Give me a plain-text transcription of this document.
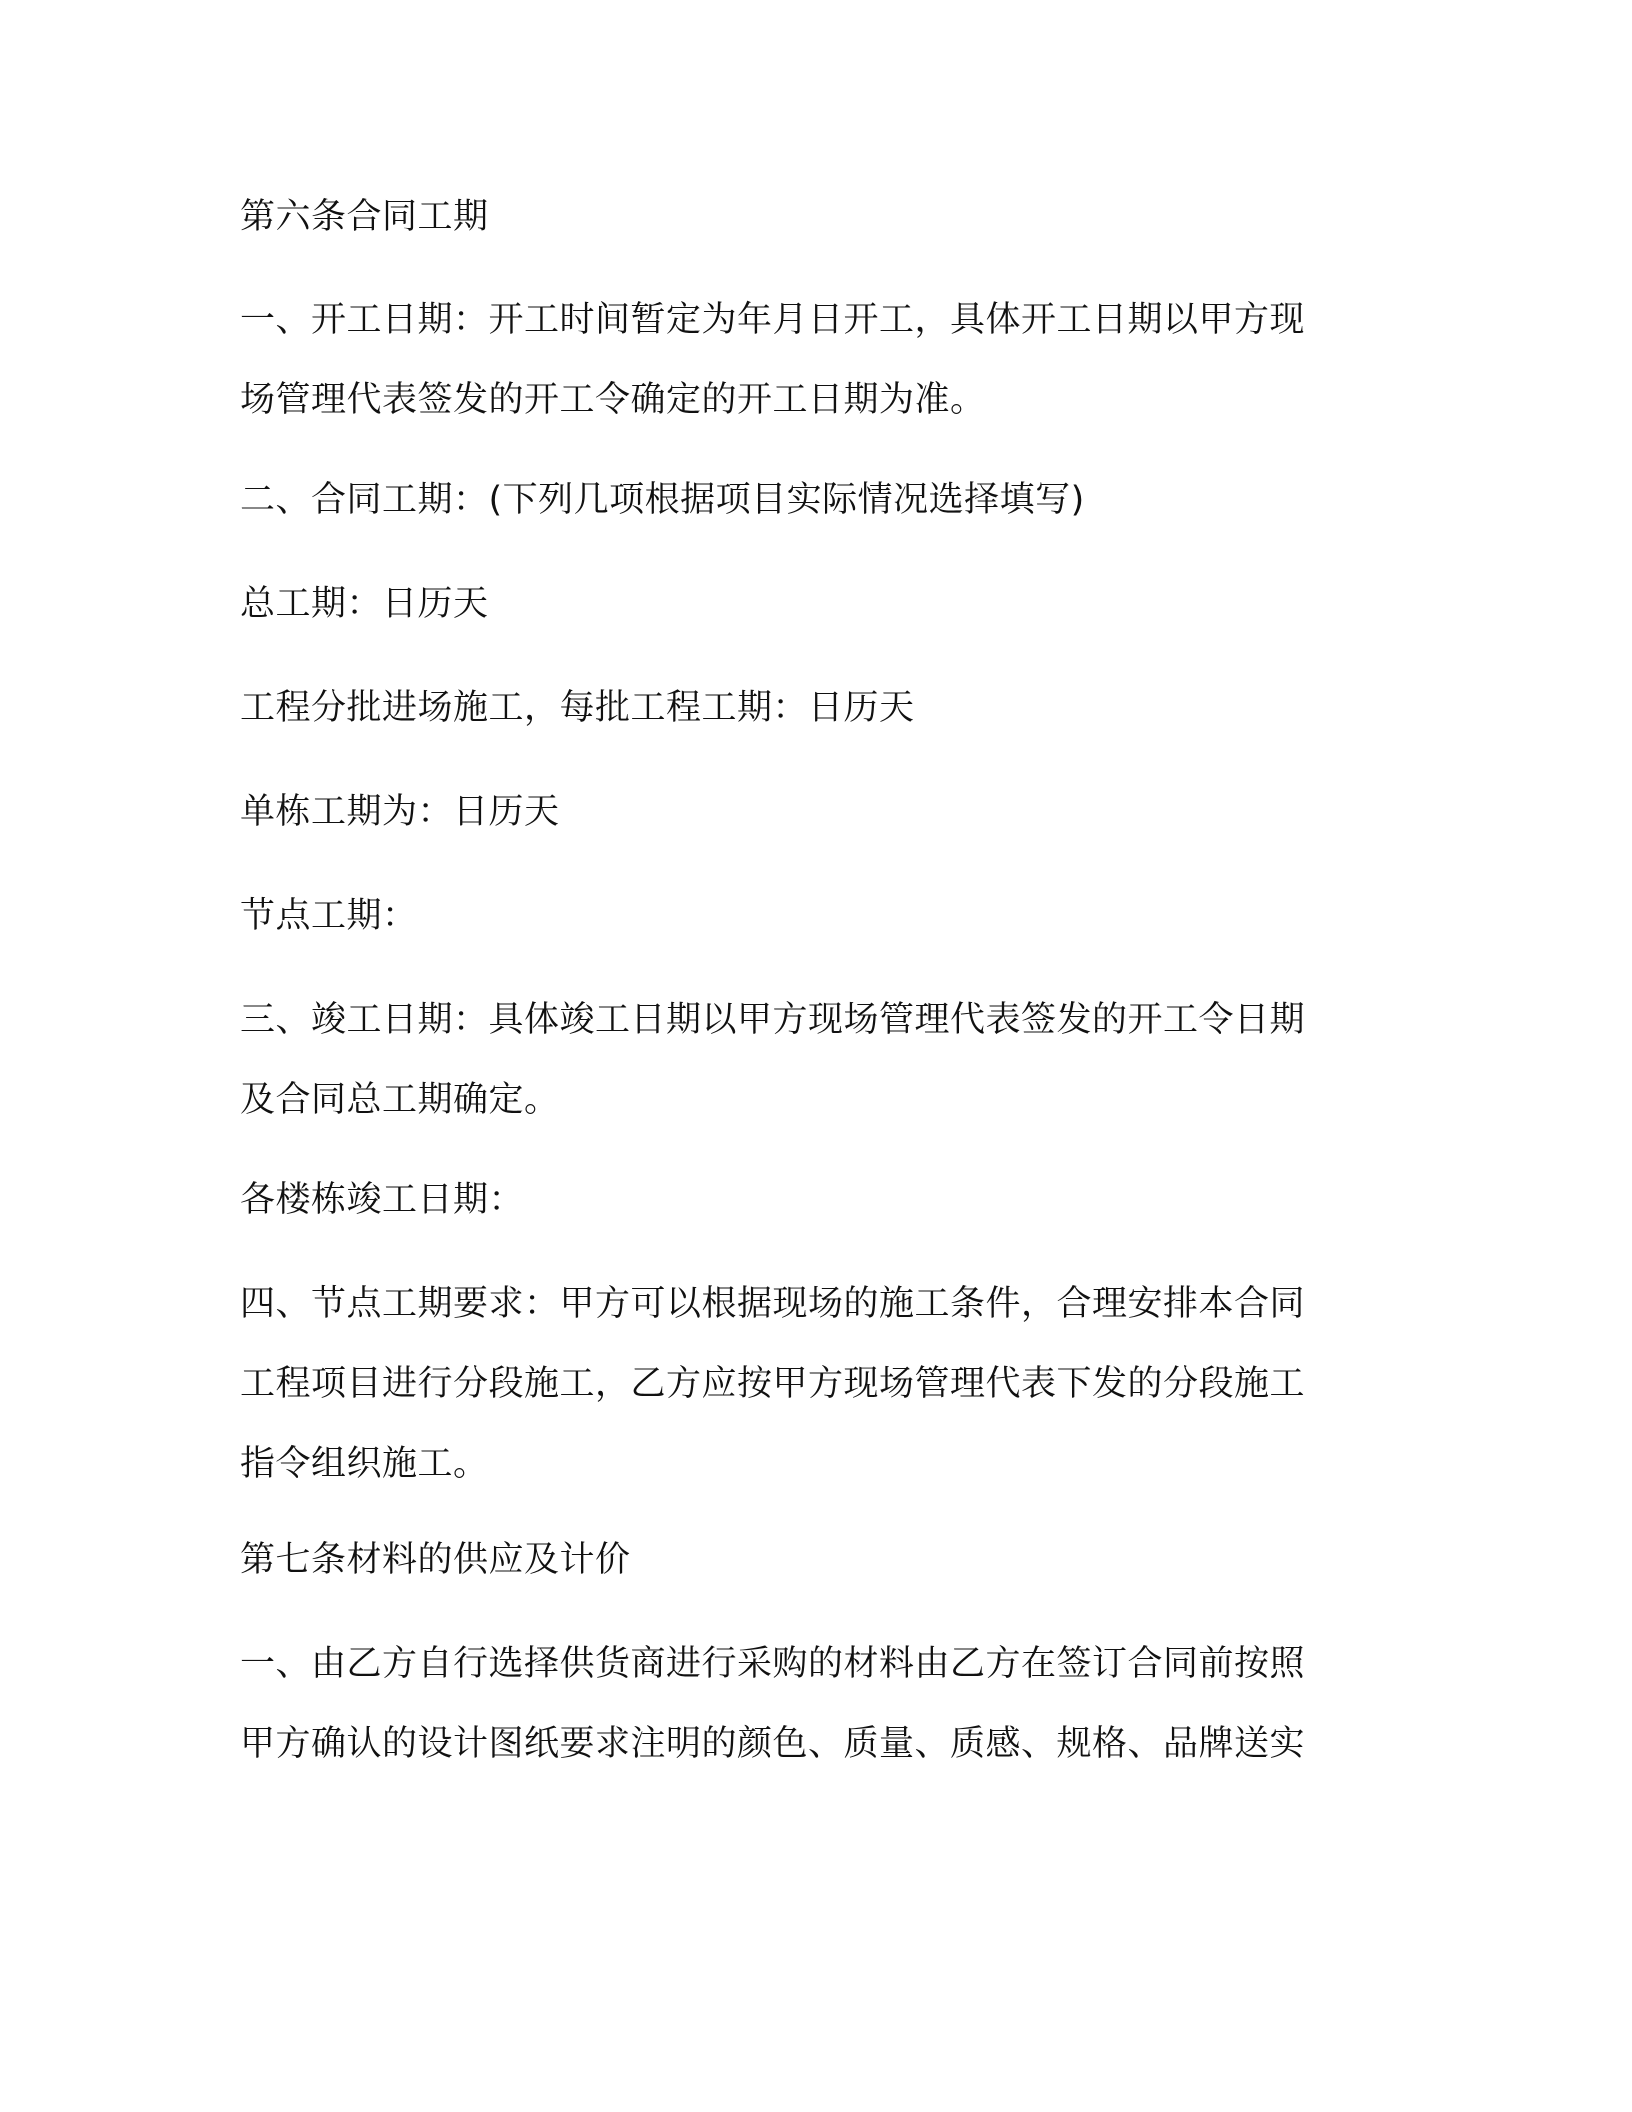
第六条合同工期

一、开工日期：开工时间暂定为年月日开工，具体开工日期以甲方现

场管理代表签发的开工令确定的开工日期为准。

二、合同工期：(下列几项根据项目实际情况选择填写)

总工期：日历天

工程分批进场施工，每批工程工期：日历天

单栋工期为：日历天

节点工期：

三、竣工日期：具体竣工日期以甲方现场管理代表签发的开工令日期

及合同总工期确定。

各楼栋竣工日期：

四、节点工期要求：甲方可以根据现场的施工条件，合理安排本合同

工程项目进行分段施工，乙方应按甲方现场管理代表下发的分段施工

指令组织施工。

第七条材料的供应及计价

一、由乙方自行选择供货商进行采购的材料由乙方在签订合同前按照

甲方确认的设计图纸要求注明的颜色、质量、质感、规格、品牌送实
